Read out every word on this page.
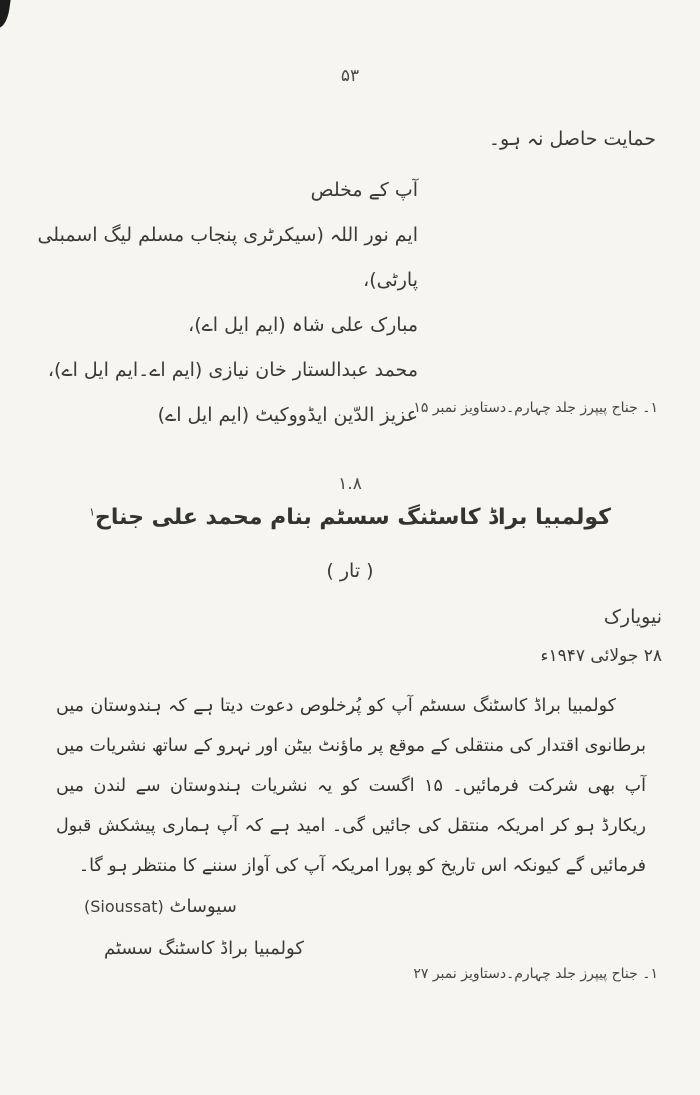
۵۳
حمایت حاصل نہ ہو۔
آپ کے مخلص
ایم نور اللہ (سیکرٹری پنجاب مسلم لیگ اسمبلی پارٹی)،
مبارک علی شاہ (ایم ایل اے)،
محمد عبدالستار خان نیازی (ایم اے۔ایم ایل اے)،
عزیز الدّین ایڈووکیٹ (ایم ایل اے)
۱۔ جناح پیپرز جلد چہارم۔دستاویز نمبر ۱۵
۱.۸
کولمبیا براڈ کاسٹنگ سسٹم بنام محمد علی جناح$^۱$
( تار )
نیویارک
۲۸ جولائی ۱۹۴۷ء
کولمبیا براڈ کاسٹنگ سسٹم آپ کو پُرخلوص دعوت دیتا ہے کہ ہندوستان میں برطانوی اقتدار کی منتقلی کے موقع پر ماؤنٹ بیٹن اور نہرو کے ساتھ نشریات میں آپ بھی شرکت فرمائیں۔ ۱۵ اگست کو یہ نشریات ہندوستان سے لندن میں ریکارڈ ہو کر امریکہ منتقل کی جائیں گی۔ امید ہے کہ آپ ہماری پیشکش قبول فرمائیں گے کیونکہ اس تاریخ کو پورا امریکہ آپ کی آواز سننے کا منتظر ہو گا۔
سیوساٹ (Sioussat)
کولمبیا براڈ کاسٹنگ سسٹم
۱۔ جناح پیپرز جلد چہارم۔دستاویز نمبر ۲۷
